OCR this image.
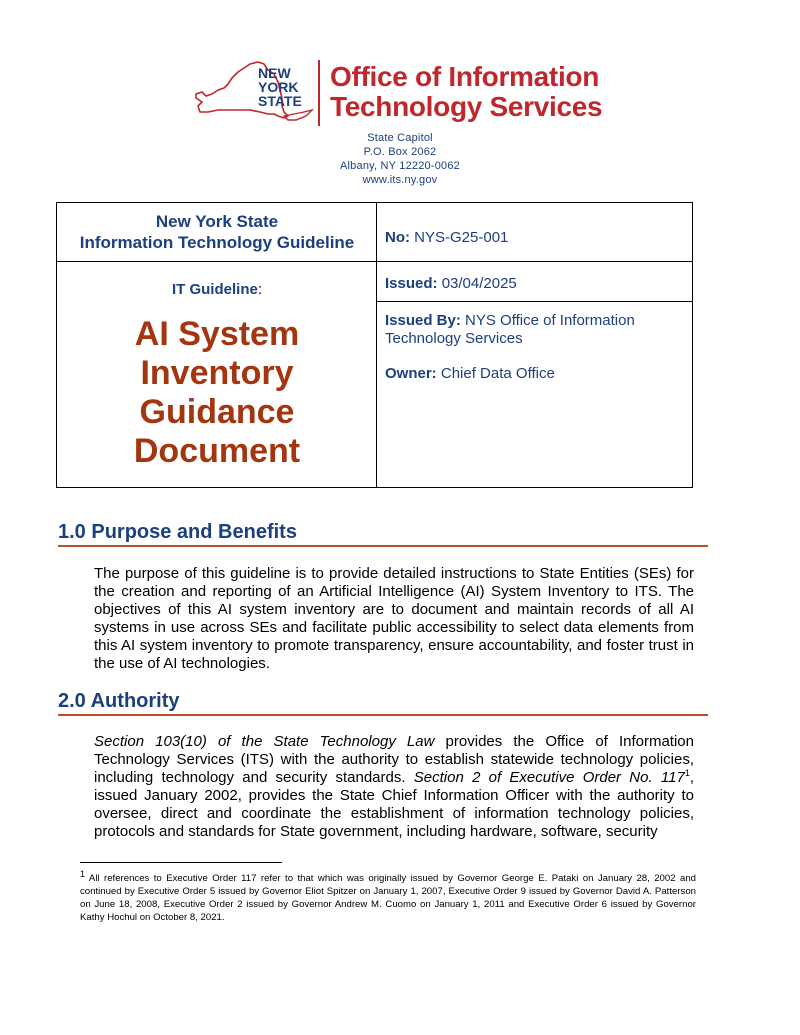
NEW
YORK
STATE
Office of Information
Technology Services
State Capitol
P.O. Box 2062
Albany, NY 12220-0062
www.its.ny.gov
New York State
Information Technology Guideline	No: NYS-G25-001
IT Guideline:
AI System
Inventory
Guidance
Document
Issued: 03/04/2025
Issued By: NYS Office of Information
Technology Services
Owner: Chief Data Office
1.0 Purpose and Benefits
The purpose of this guideline is to provide detailed instructions to State Entities (SEs) for the creation and reporting of an Artificial Intelligence (AI) System Inventory to ITS. The objectives of this AI system inventory are to document and maintain records of all AI systems in use across SEs and facilitate public accessibility to select data elements from this AI system inventory to promote transparency, ensure accountability, and foster trust in the use of AI technologies.
2.0 Authority
Section 103(10) of the State Technology Law provides the Office of Information Technology Services (ITS) with the authority to establish statewide technology policies, including technology and security standards. Section 2 of Executive Order No. $117^1$, issued January 2002, provides the State Chief Information Officer with the authority to oversee, direct and coordinate the establishment of information technology policies, protocols and standards for State government, including hardware, software, security
$^1$ All references to Executive Order 117 refer to that which was originally issued by Governor George E. Pataki on January 28, 2002 and continued by Executive Order 5 issued by Governor Eliot Spitzer on January 1, 2007, Executive Order 9 issued by Governor David A. Patterson on June 18, 2008, Executive Order 2 issued by Governor Andrew M. Cuomo on January 1, 2011 and Executive Order 6 issued by Governor Kathy Hochul on October 8, 2021.
